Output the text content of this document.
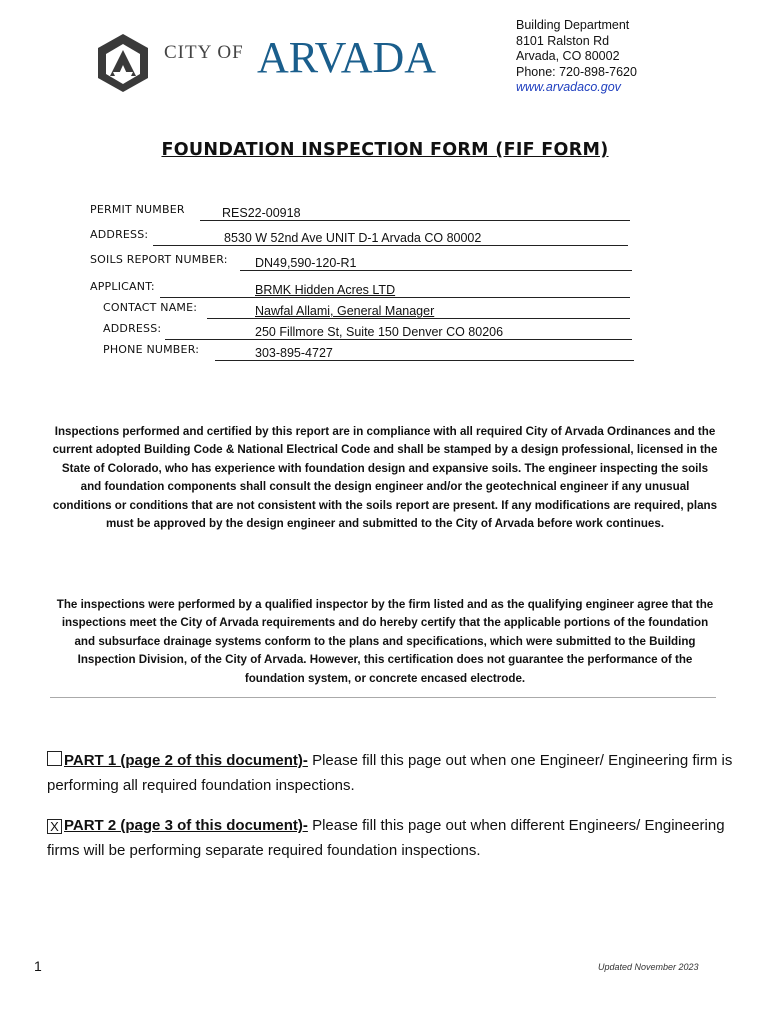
CITY OF ARVADA
Building Department
8101 Ralston Rd
Arvada, CO 80002
Phone: 720-898-7620
www.arvadaco.gov
FOUNDATION INSPECTION FORM (FIF FORM)
PERMIT NUMBER	RES22-00918
ADDRESS:	8530 W 52nd Ave UNIT D-1 Arvada CO 80002
SOILS REPORT NUMBER: DN49,590-120-R1
APPLICANT:	BRMK Hidden Acres LTD
CONTACT NAME:	Nawfal Allami, General Manager
ADDRESS:	250 Fillmore St, Suite 150 Denver CO 80206
PHONE NUMBER:	303-895-4727

Inspections performed and certified by this report are in compliance with all required City of Arvada Ordinances and the current adopted Building Code & National Electrical Code and shall be stamped by a design professional, licensed in the State of Colorado, who has experience with foundation design and expansive soils. The engineer inspecting the soils and foundation components shall consult the design engineer and/or the geotechnical engineer if any unusual conditions or conditions that are not consistent with the soils report are present. If any modifications are required, plans must be approved by the design engineer and submitted to the City of Arvada before work continues.

The inspections were performed by a qualified inspector by the firm listed and as the qualifying engineer agree that the inspections meet the City of Arvada requirements and do hereby certify that the applicable portions of the foundation and subsurface drainage systems conform to the plans and specifications, which were submitted to the Building Inspection Division, of the City of Arvada. However, this certification does not guarantee the performance of the foundation system, or concrete encased electrode.

PART 1 (page 2 of this document)- Please fill this page out when one Engineer/ Engineering firm is performing all required foundation inspections.
X PART 2 (page 3 of this document)- Please fill this page out when different Engineers/ Engineering firms will be performing separate required foundation inspections.
1	Updated November 2023
